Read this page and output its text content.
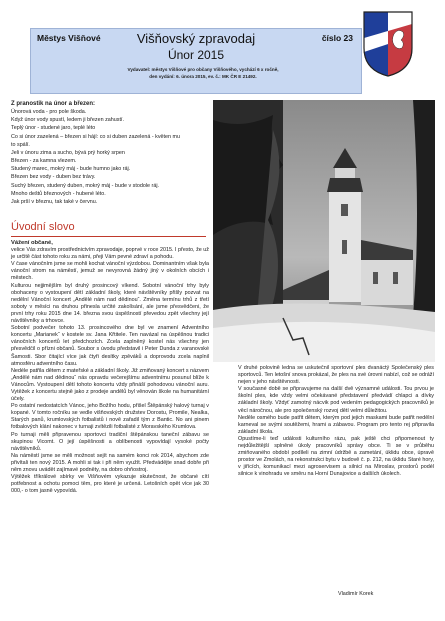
Městys Višňové	číslo 23
Višňovský zpravodaj
Únor 2015
Vydavatel: městys Višňové pro občany Višňového, vychází 6 x ročně,
den vydání: 6. února 2015, ev. č.: MK ČR E 21492.
Z pranostik na únor a březen:
Únorová voda - pro pole škoda.
Když únor vody spustí, ledem ji březen zahustí.
Teplý únor - studené jaro, teplé léto
Co si únor zazelená – březen si hájí: co si duben zazelená - květen mu
to spálí.
Jeli v únoru zima a sucho, bývá prý horký srpen
Březen - za kamna vlezem.
Studený marec, mokrý máj - bude humno jako ráj.
Březen bez vody - duben bez trávy.
Suchý březen, studený duben, mokrý máj - bude v stodole ráj.
Mnoho deštů březnových - hubené léto.
Jak prší v březnu, tak také v červnu.
Úvodní slovo

Vážení občané,

velice Vás zdravím prostřednictvím zpravodaje, poprvé v roce 2015. I přesto, že už je určitě část tohoto roku za námi, přeji Vám pevné zdraví a pohodu.

V čase vánočním jsme se mohli kochat vánoční výzdobou. Dominantním však byla vánoční strom na náměstí, jemuž se nevyrovná žádný jiný v okolních obcích i městech.

Kulturou nejjimějším byl druhý prosincový víkend. Sobotní vánoční trhy byly obohaceny o vystoupení dětí základní školy, které návštěvníky přišly pozvat na nedělní Vánoční koncert „Andělé nám nad dědinou“. Změna termínu trhů z třetí soboty v měsíci na druhou přinesla určité zakolísání, ale jsme přesvědčeni, že první trhy roku 2015 dne 14. března svou úspěšností převedou zpět všechny její návštěvníky a trhovce.

Sobotní podvečer tohoto 13. prosincového dne byl ve znamení Adventního koncertu „Marianek“ v kostele sv. Jana Křtitele. Ten navázal na úspěšnou tradici vánočních koncertů let předchozích. Zcela zaplněný kostel nás všechny jen přesvědčil o přízni občanů. Soubor s úvodu představil i Peter Dunda z varanovské Šamosti. Sbor čitající více jak čtyři desítky zpěváků a doprovodu zcela naplnil atmosféru adventního času.

Nedéle patřila dětem z mateřské a základní školy. Již zmiňovaný koncert s názvem „Andělé nám nad dědinou“ nás opravdu večerejšímu adventnímu posunul blíže k Vánocům. Vystoupení dětí tohoto koncertu vždy přináší pohodovou vánoční auru. Vytěžek z koncertu stejně jako z prodeje andělů byl věnován škole na humanitární účely.

Po ostatní nedostatcích Vánoc, jeho Božího hodu, přišel Štěpánský halový turnaj v kopané. V tomto ročníku se vedle višňovských družstev Dorostu, Promile, Nealka, Starých panů, krumlovských fotbalistů i nově zařadil tým z Bantic. No ani pinem fotbalových klání nakonec v turnaji zvítězili fotbalisté z Moravského Krumlova.

Po turnaji měli připravenou sportovci tradiční štěpánskou taneční zábavu se skupinou Vicomt. O její úspěšnosti a oblíbenosti vypovídají vysoké počty návštěvníků.

Na náměstí jsme se měli možnost sejít na samém konci rok 2014, abychom zde přivítali ten nový 2015. A mohli si tak i při něm využít. Předvádějte snad dobře při něm znovu uvádět zajímavé podněty, na dobro ohňostroj.

Výtěžek tříkrálové sbírky ve Višňovém vykazuje skutečnost, že občané cítí potřebnost a ochotu pomoci těm, pro které je určená. Letošních opět více jak 30 000,- o tom jasně vypovídá.

V druhé polovině ledna se uskutečnil sportovní ples dvanáctý Společenský ples sportovců. Ten letošní snova prokázal, že ples na své úrovni nabízí, což se odráží nejen v jeho návštěvnosti.

V současné době se připravujeme na další dvě významné události. Tou prvou je školní ples, kde vždy velmi očekávané představení předvádí chlapci a dívky základní školy. Vždyť zamotný nácvik pod vedením pedagogických pracovníků je věcí náročnou, ale pro společenský rozvoj dětí velmi důležitou.

Neděle osmého bude patřit dětem, kterým pod jejich maskami bude patřit nedělní karneval se svými soutěžemi, hrami a zábavou. Program pro tento rej připravila základní škola.

Opustíme-li teď události kulturního rázu, pak ještě chci připomenout ty nejdůležitější splněné úkoly pracovníků správy obce. Ti se v průběhu zmiňovaného období podíleli na zimní údržbě a zametání, úklidu obce, úpravě prostor ve Zmolách, na rekonstrukci bytu v budově č. p. 212, na úklidu Staré hory, v jiřících, komunikací mezi agroservisem a silnicí na Miroslav, prostorů podél silnice k vinohradu ve směru na Horní Dunajovice a dalších úkolech.

Vladimír Korek
